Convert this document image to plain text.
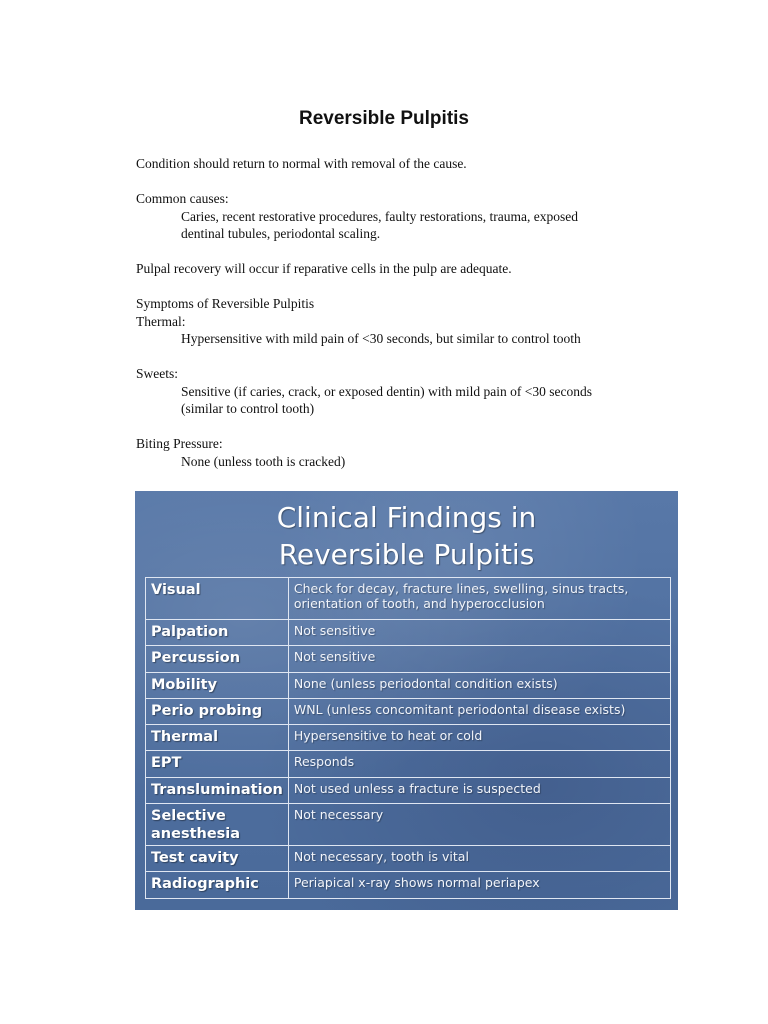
Reversible Pulpitis

Condition should return to normal with removal of the cause.

Common causes:
Caries, recent restorative procedures, faulty restorations, trauma, exposed
dentinal tubules, periodontal scaling.

Pulpal recovery will occur if reparative cells in the pulp are adequate.

Symptoms of Reversible Pulpitis
Thermal:
Hypersensitive with mild pain of <30 seconds, but similar to control tooth

Sweets:
Sensitive (if caries, crack, or exposed dentin) with mild pain of <30 seconds
(similar to control tooth)

Biting Pressure:
None (unless tooth is cracked)

Clinical Findings in
Reversible Pulpitis
Visual	Check for decay, fracture lines, swelling, sinus tracts, orientation of tooth, and hyperocclusion
Palpation	Not sensitive
Percussion	Not sensitive
Mobility	None (unless periodontal condition exists)
Perio probing	WNL (unless concomitant periodontal disease exists)
Thermal	Hypersensitive to heat or cold
EPT	Responds
Translumination	Not used unless a fracture is suspected
Selective anesthesia	Not necessary
Test cavity	Not necessary, tooth is vital
Radiographic	Periapical x-ray shows normal periapex
